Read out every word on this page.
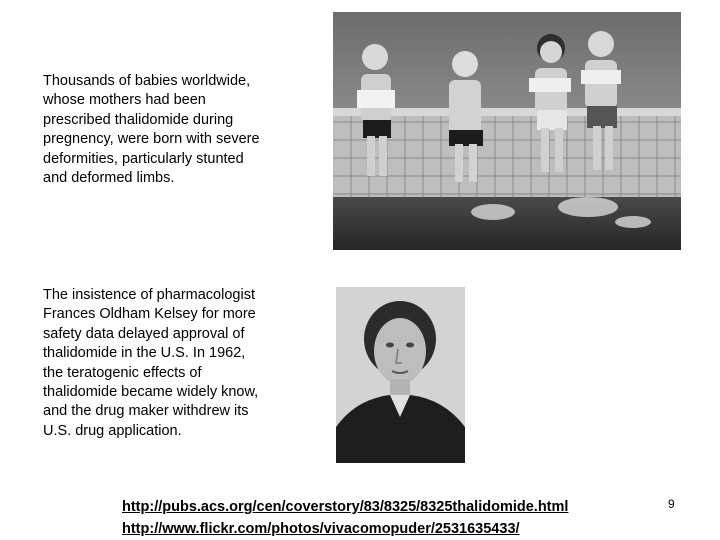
Thousands of babies worldwide,
whose mothers had been
prescribed thalidomide during
pregnency, were born with severe
deformities, particularly stunted
and deformed limbs.
The insistence of pharmacologist
Frances Oldham Kelsey for more
safety data delayed approval of
thalidomide in the U.S. In 1962,
the teratogenic effects of
thalidomide became widely know,
and the drug maker withdrew its
U.S. drug application.
http://pubs.acs.org/cen/coverstory/83/8325/8325thalidomide.html
http://www.flickr.com/photos/vivacomopuder/2531635433/
9
